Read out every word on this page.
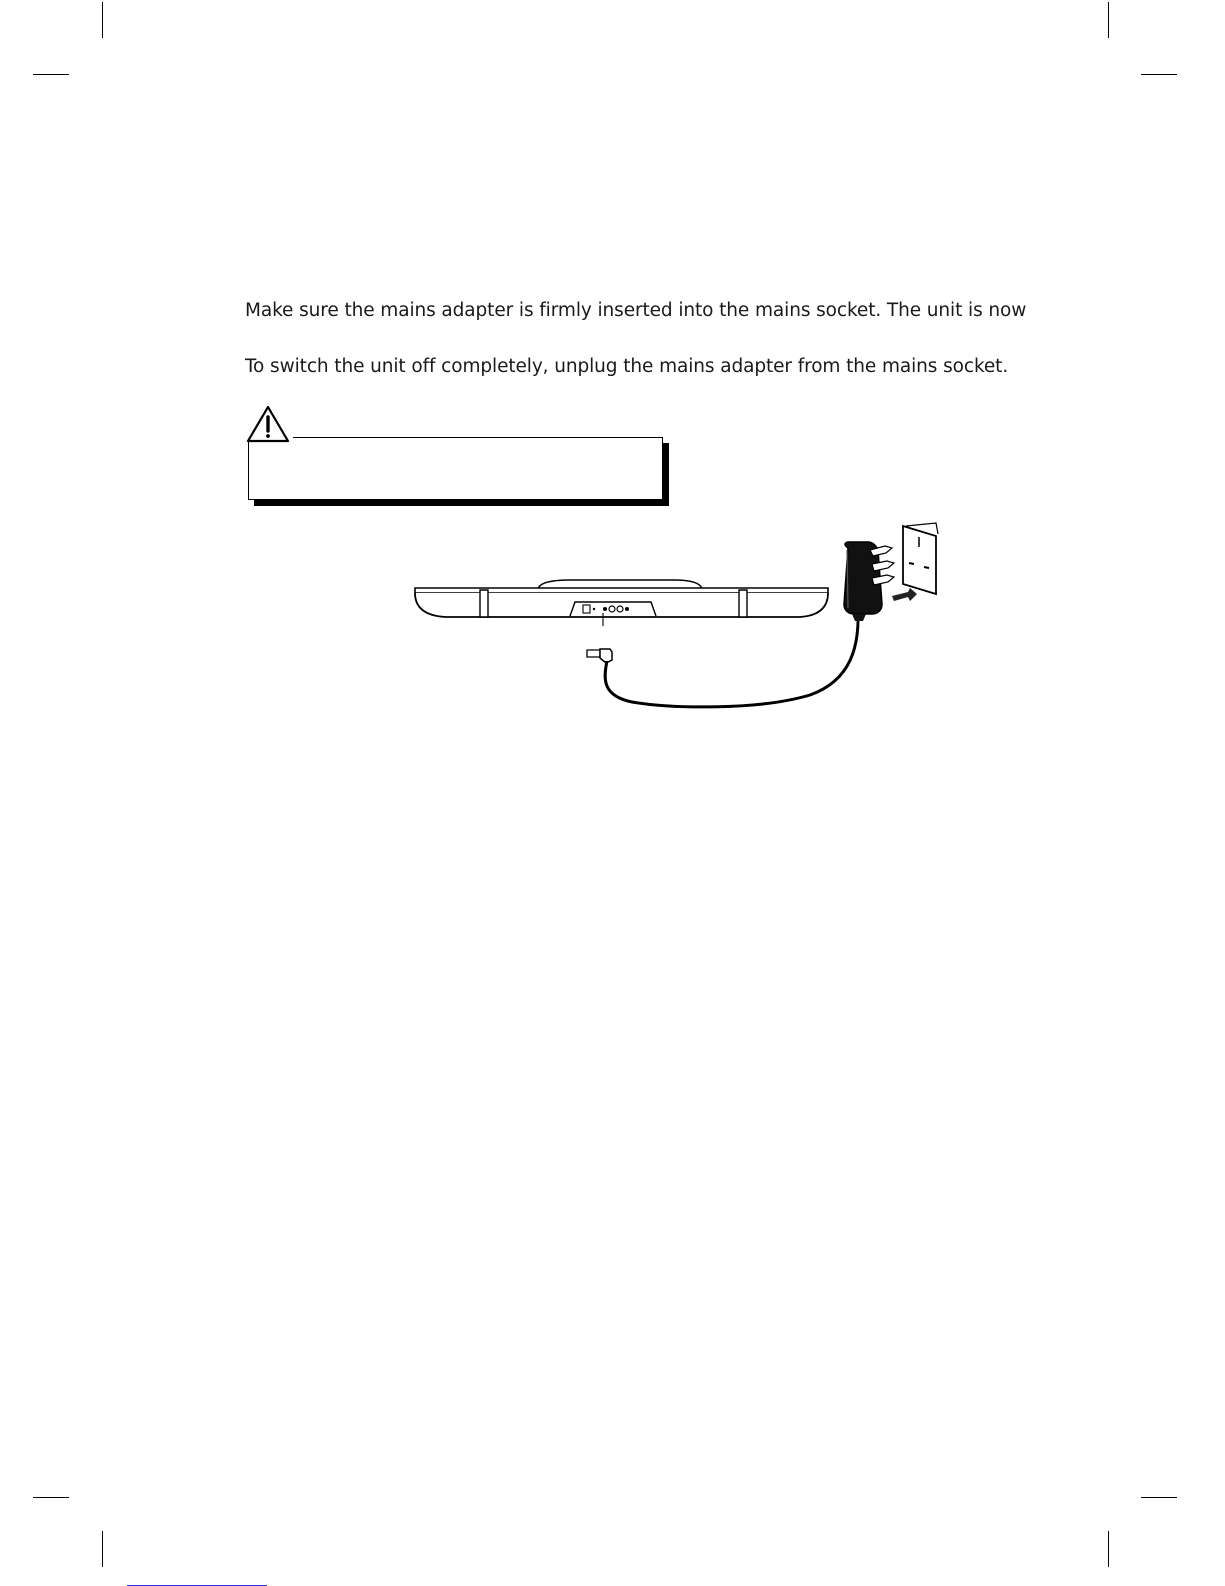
Make sure the mains adapter is firmly inserted into the mains socket. The unit is now
To switch the unit off completely, unplug the mains adapter from the mains socket.
